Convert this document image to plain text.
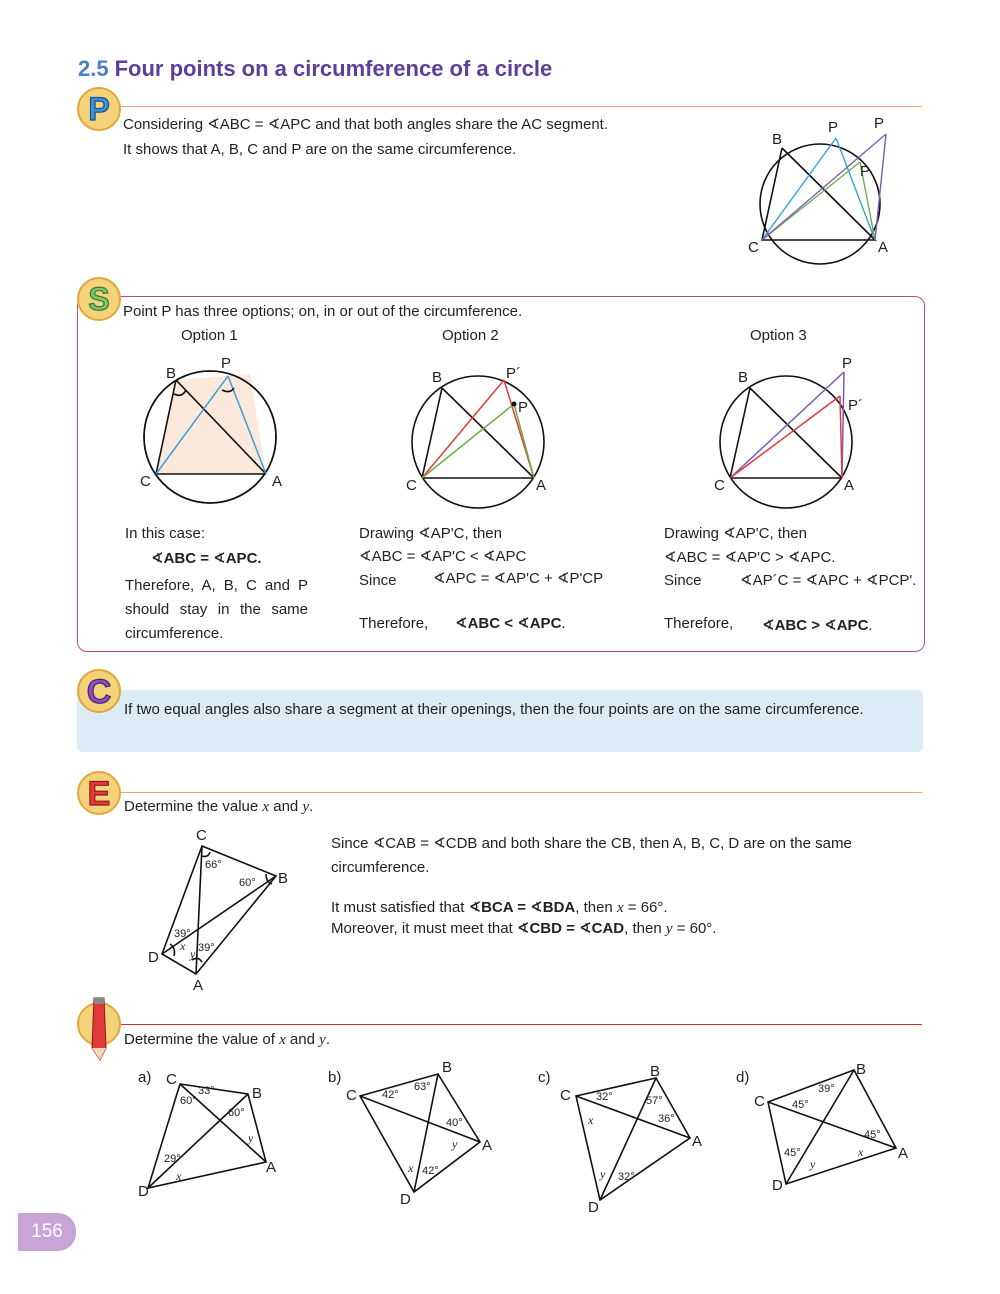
2.5 Four points on a circumference of a circle
P Considering ∢ABC = ∢APC and that both angles share the AC segment.
It shows that A, B, C and P are on the same circumference.
B
P P
P
C	A
S Point P has three options; on, in or out of the circumference.
Option 1	Option 2	Option 3
B
P
C	A
B	P´
P
C	A
B
P
P´
C	A
In this case:
∢ABC = ∢APC.
Therefore, A, B, C and P should stay in the same circumference.
Drawing ∢AP'C, then
∢ABC = ∢AP'C < ∢APC
Since ∢APC = ∢AP'C + ∢P'CP
Therefore, ∢ABC < ∢APC.
Drawing ∢AP'C, then
∢ABC = ∢AP'C > ∢APC.
Since	∢AP´C = ∢APC + ∢PCP'.
Therefore, ∢ABC > ∢APC.
C If two equal angles also share a segment at their openings, then the four points are on the same circumference.
E Determine the value x and y.
C
B
D
A
66°
60°
39°
39°
x
y
Since ∢CAB = ∢CDB and both share the CB, then A, B, C, D are on the same circumference.
It must satisfied that ∢BCA = ∢BDA, then x = 66°.
Moreover, it must meet that ∢CBD = ∢CAD, then y = 60°.
Determine the value of x and y.
a) C
B
D
A
33°
60°
60°
29°
x
y
b)
C
B
D
A
42°
63°
40°
42°
x
y
c)
C
B
D
A
32°	57°
36°
32°
x
y
d)
C
B
D
A
45°
39°
45°
45°	x
y
156
